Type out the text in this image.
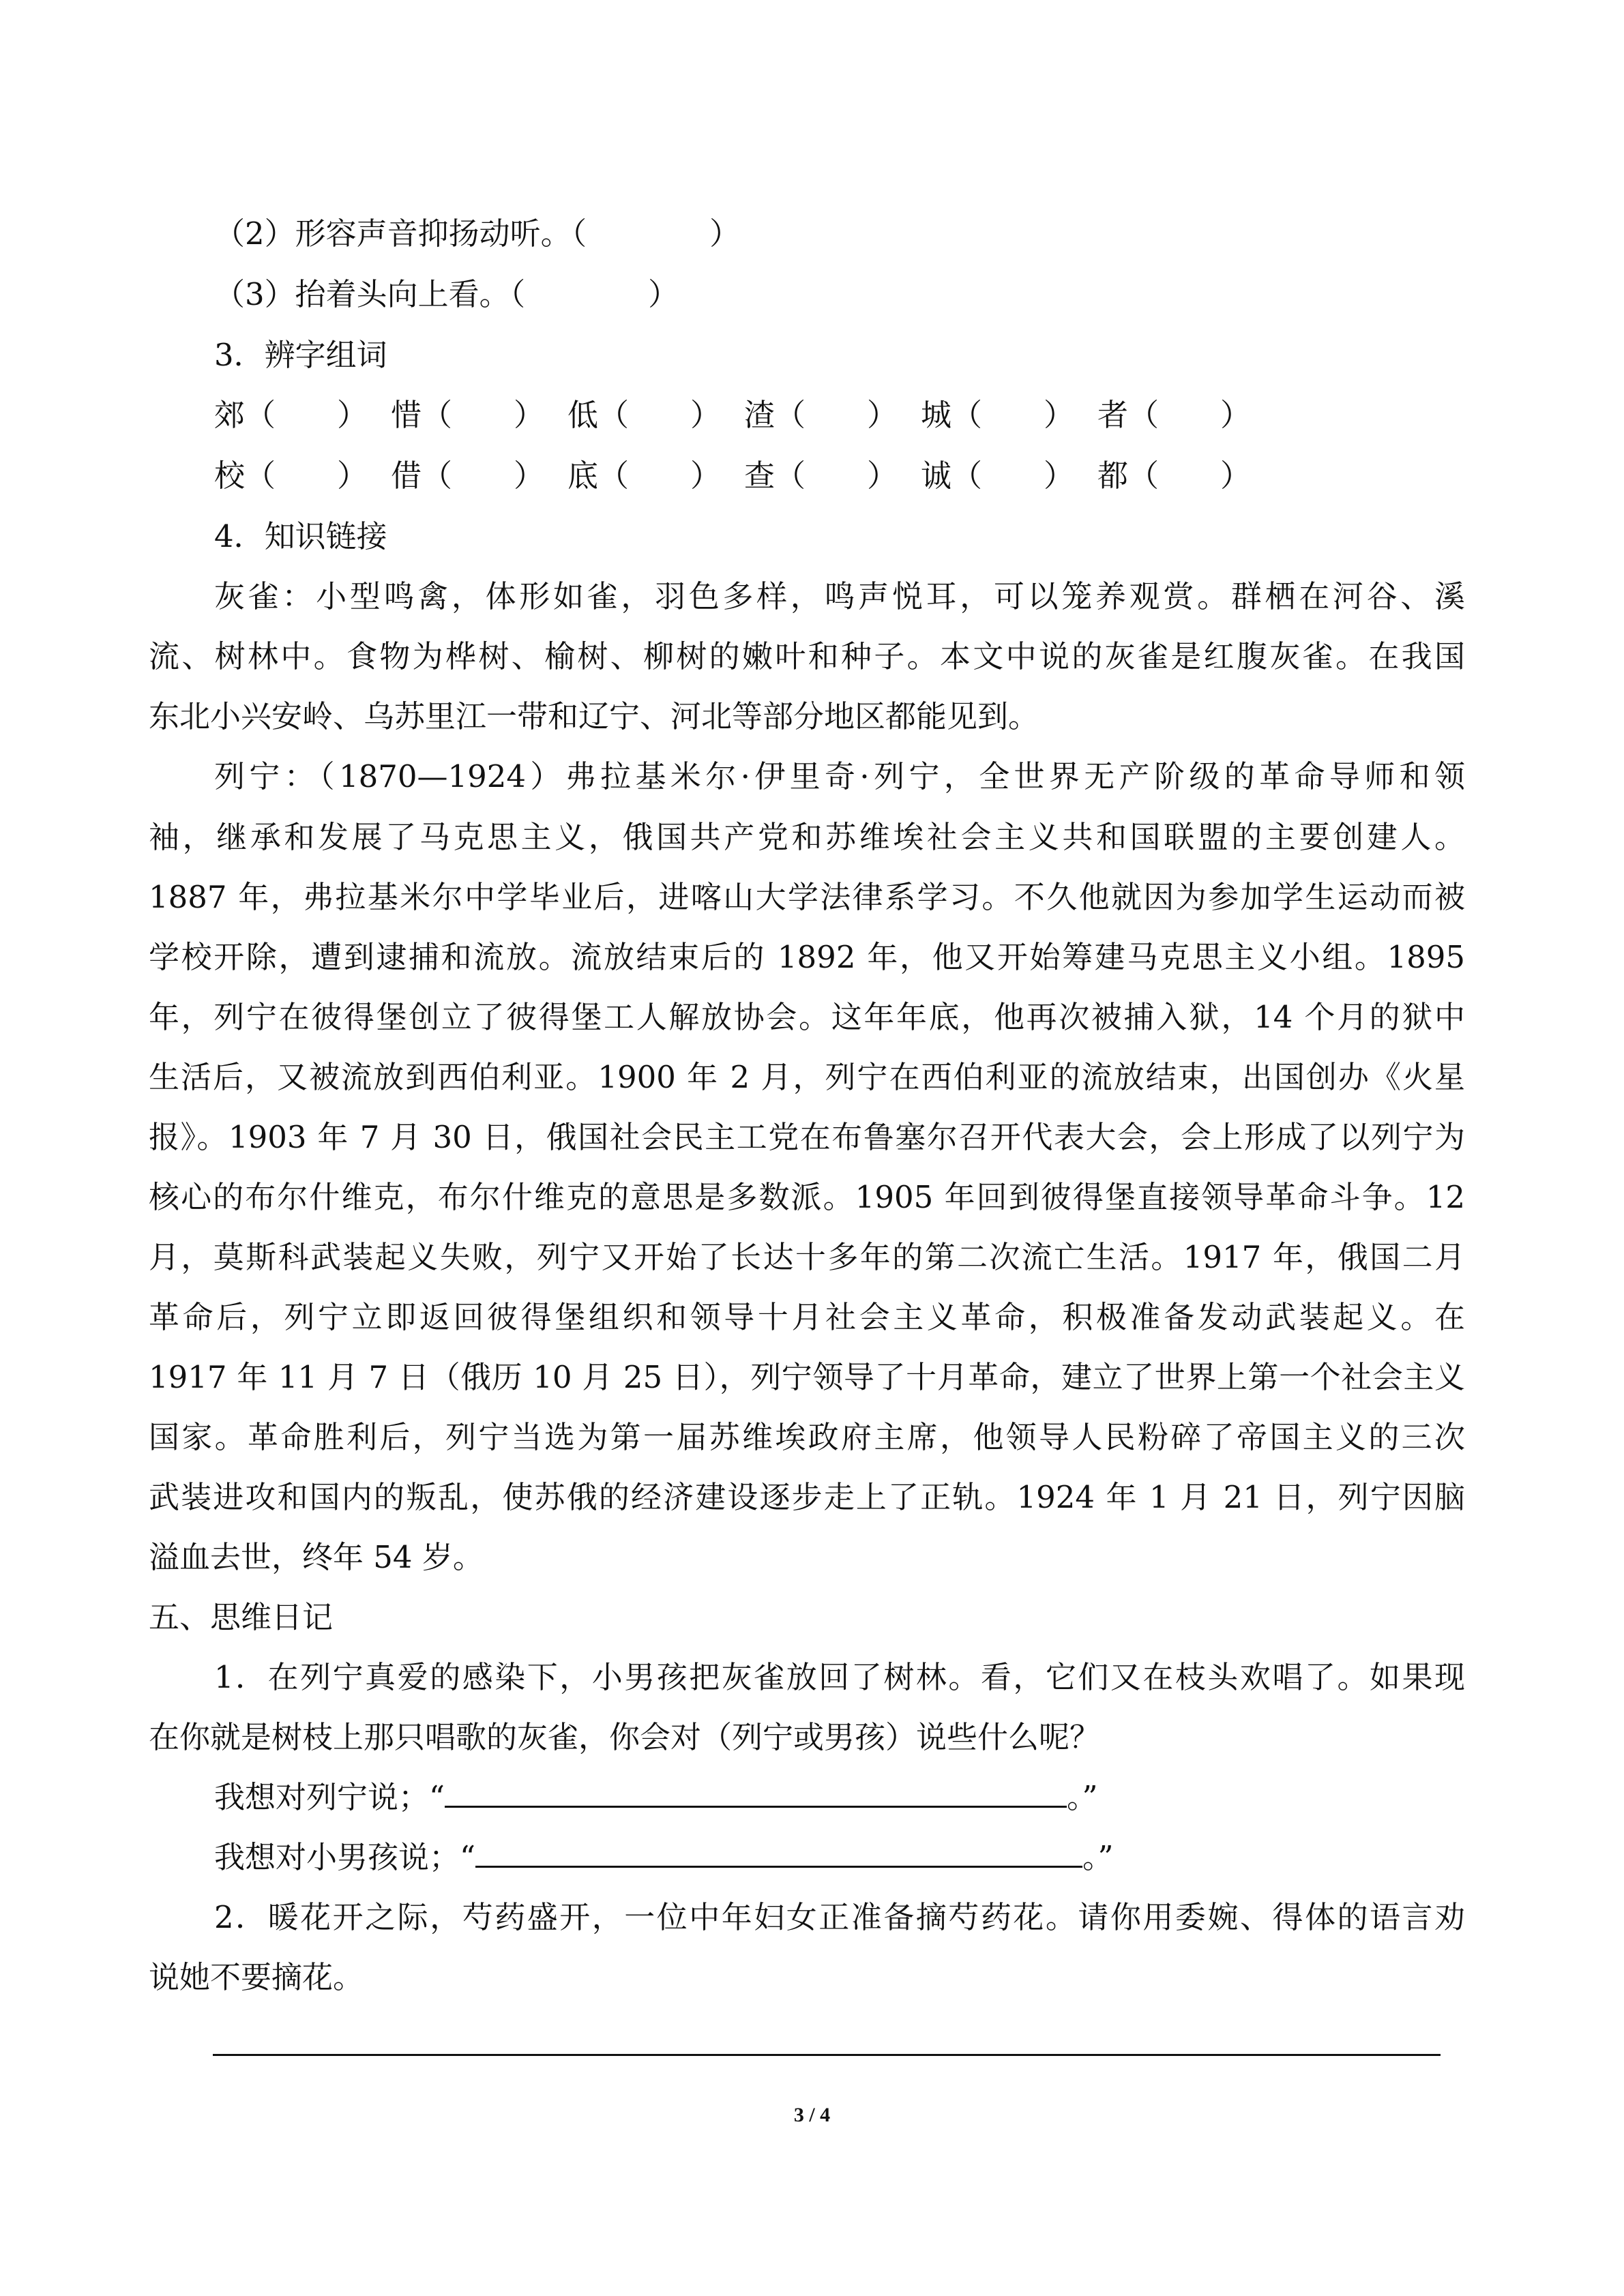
（2）形容声音抑扬动听。（　　　　）

（3）抬着头向上看。（　　　　）

3．辨字组词

郊（　　） 惜（　　） 低（　　） 渣（　　） 城（　　） 者（　　）
校（　　） 借（　　） 底（　　） 查（　　） 诚（　　） 都（　　）

4．知识链接

灰雀：小型鸣禽，体形如雀，羽色多样，鸣声悦耳，可以笼养观赏。群栖在河谷、溪

流、树林中。食物为桦树、榆树、柳树的嫩叶和种子。本文中说的灰雀是红腹灰雀。在我国

东北小兴安岭、乌苏里江一带和辽宁、河北等部分地区都能见到。

列宁：（1870—1924）弗拉基米尔·伊里奇·列宁，全世界无产阶级的革命导师和领

袖，继承和发展了马克思主义，俄国共产党和苏维埃社会主义共和国联盟的主要创建人。

1887 年，弗拉基米尔中学毕业后，进喀山大学法律系学习。不久他就因为参加学生运动而被

学校开除，遭到逮捕和流放。流放结束后的 1892 年，他又开始筹建马克思主义小组。1895

年，列宁在彼得堡创立了彼得堡工人解放协会。这年年底，他再次被捕入狱，14 个月的狱中

生活后，又被流放到西伯利亚。1900 年 2 月，列宁在西伯利亚的流放结束，出国创办《火星

报》。1903 年 7 月 30 日，俄国社会民主工党在布鲁塞尔召开代表大会，会上形成了以列宁为

核心的布尔什维克，布尔什维克的意思是多数派。1905 年回到彼得堡直接领导革命斗争。12

月，莫斯科武装起义失败，列宁又开始了长达十多年的第二次流亡生活。1917 年，俄国二月

革命后，列宁立即返回彼得堡组织和领导十月社会主义革命，积极准备发动武装起义。在

1917 年 11 月 7 日（俄历 10 月 25 日），列宁领导了十月革命，建立了世界上第一个社会主义

国家。革命胜利后，列宁当选为第一届苏维埃政府主席，他领导人民粉碎了帝国主义的三次

武装进攻和国内的叛乱，使苏俄的经济建设逐步走上了正轨。1924 年 1 月 21 日，列宁因脑

溢血去世，终年 54 岁。

五、思维日记

1．在列宁真爱的感染下，小男孩把灰雀放回了树林。看，它们又在枝头欢唱了。如果现

在你就是树枝上那只唱歌的灰雀，你会对（列宁或男孩）说些什么呢？

我想对列宁说；“	。”
我想对小男孩说；“	。”

2．暖花开之际，芍药盛开，一位中年妇女正准备摘芍药花。请你用委婉、得体的语言劝

说她不要摘花。

3 / 4
